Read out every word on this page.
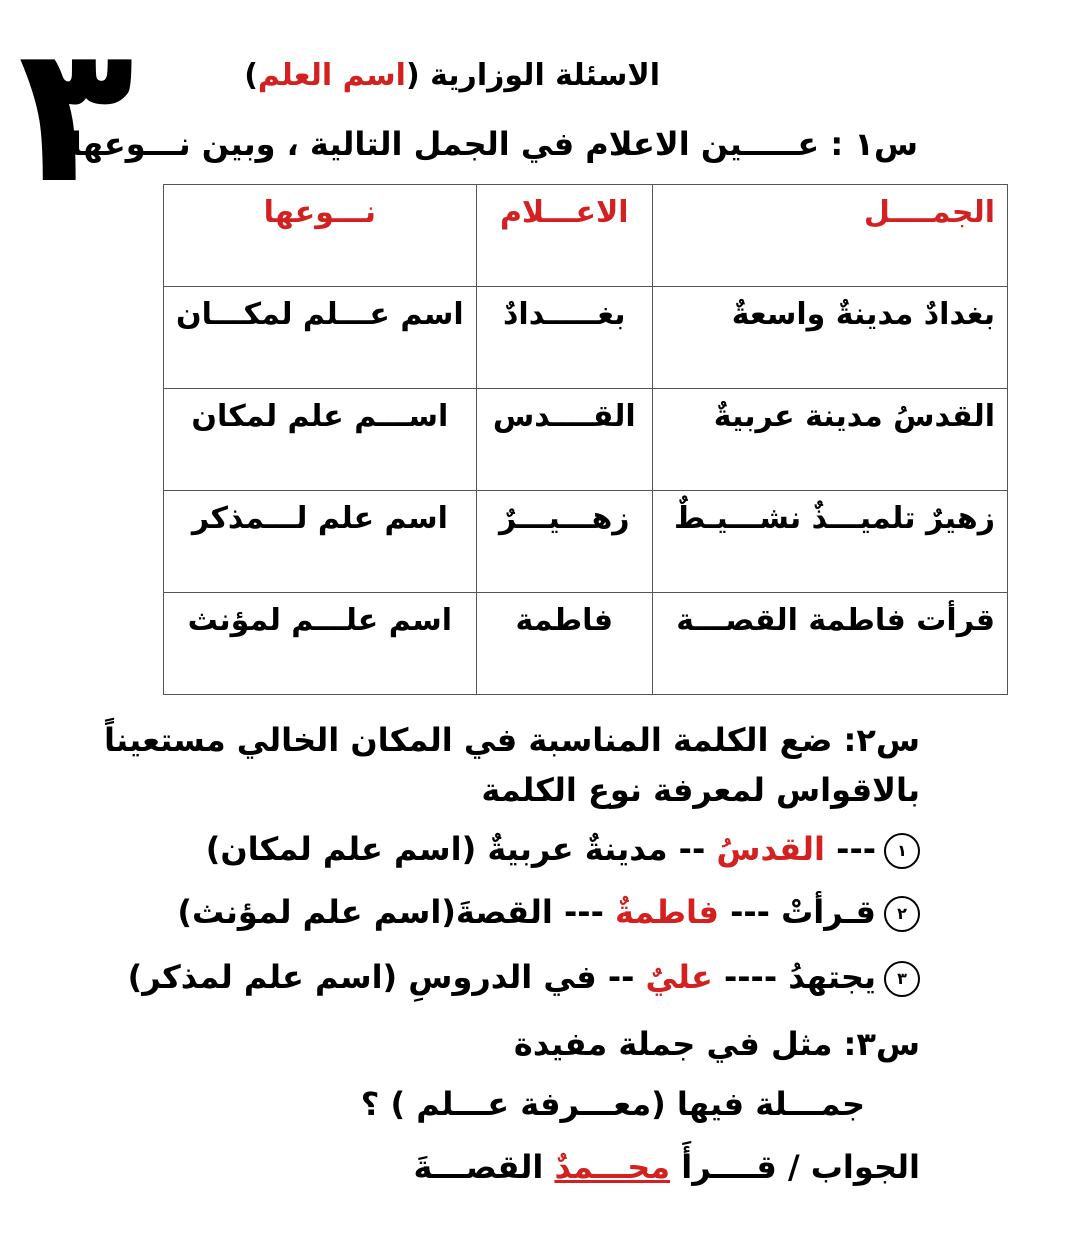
٣	الاسئلة الوزارية (اسم العلم)
س١ : عـــــين الاعلام في الجمل التالية ، وبين نـــوعها :
الجمــــل	الاعـــلام	نـــوعها
بغدادٌ مدينةٌ واسعةٌ	بغـــــدادٌ	اسم عـــلم لمكـــان
القدسُ مدينة عربيةٌ	القــــدس	اســـم علم لمكان
زهيرٌ تلميـــذٌ نشـــيـطٌ	زهـــيـــرٌ	اسم علم لـــمذكر
قرأت فاطمة القصـــة	فاطمة	اسم علـــم لمؤنث
س٢: ضع الكلمة المناسبة في المكان الخالي مستعيناً
بالاقواس لمعرفة نوع الكلمة
١--- القدسُ -- مدينةٌ عربيةٌ (اسم علم لمكان)
٢قـرأتْ --- فاطمةٌ --- القصةَ(اسم علم لمؤنث)
٣يجتهدُ ---- عليٌ -- في الدروسِ (اسم علم لمذكر)
س٣: مثل في جملة مفيدة
جمـــلة فيها (معـــرفة عـــلم ) ؟
الجواب / قــــرأَ محـــمدٌ القصـــةَ
